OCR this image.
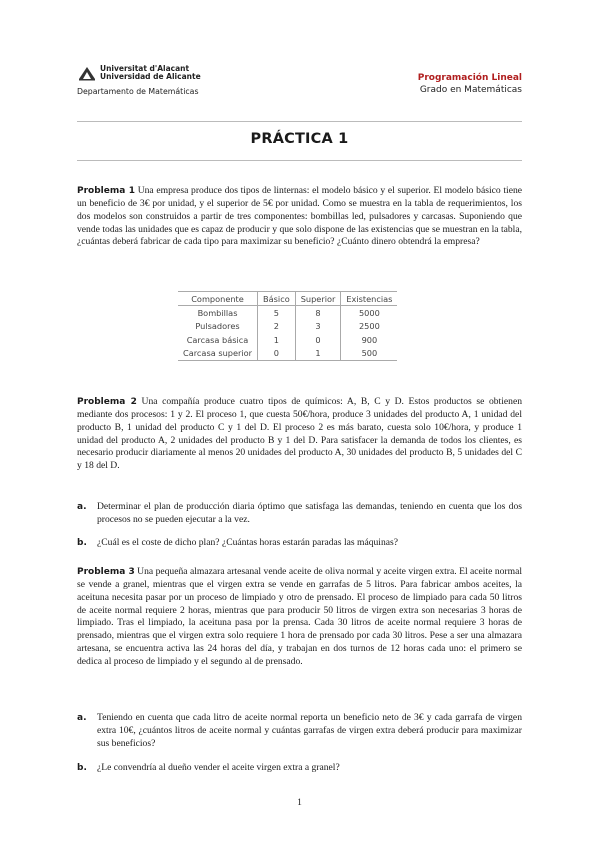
Universitat d'Alacant
Universidad de Alicante
Departamento de Matemáticas
Programación Lineal
Grado en Matemáticas
PRÁCTICA 1
Problema 1 Una empresa produce dos tipos de linternas: el modelo básico y el superior. El modelo básico tiene un beneficio de 3€ por unidad, y el superior de 5€ por unidad. Como se muestra en la tabla de requerimientos, los dos modelos son construidos a partir de tres componentes: bombillas led, pulsadores y carcasas. Suponiendo que vende todas las unidades que es capaz de producir y que solo dispone de las existencias que se muestran en la tabla, ¿cuántas deberá fabricar de cada tipo para maximizar su beneficio? ¿Cuánto dinero obtendrá la empresa?
Componente	Básico	Superior	Existencias
Bombillas	5	8	5000
Pulsadores	2	3	2500
Carcasa básica	1	0	900
Carcasa superior	0	1	500
Problema 2 Una compañía produce cuatro tipos de químicos: A, B, C y D. Estos productos se obtienen mediante dos procesos: 1 y 2. El proceso 1, que cuesta 50€/hora, produce 3 unidades del producto A, 1 unidad del producto B, 1 unidad del producto C y 1 del D. El proceso 2 es más barato, cuesta solo 10€/hora, y produce 1 unidad del producto A, 2 unidades del producto B y 1 del D. Para satisfacer la demanda de todos los clientes, es necesario producir diariamente al menos 20 unidades del producto A, 30 unidades del producto B, 5 unidades del C y 18 del D.
a. Determinar el plan de producción diaria óptimo que satisfaga las demandas, teniendo en cuenta que los dos procesos no se pueden ejecutar a la vez.
b. ¿Cuál es el coste de dicho plan? ¿Cuántas horas estarán paradas las máquinas?
Problema 3 Una pequeña almazara artesanal vende aceite de oliva normal y aceite virgen extra. El aceite normal se vende a granel, mientras que el virgen extra se vende en garrafas de 5 litros. Para fabricar ambos aceites, la aceituna necesita pasar por un proceso de limpiado y otro de prensado. El proceso de limpiado para cada 50 litros de aceite normal requiere 2 horas, mientras que para producir 50 litros de virgen extra son necesarias 3 horas de limpiado. Tras el limpiado, la aceituna pasa por la prensa. Cada 30 litros de aceite normal requiere 3 horas de prensado, mientras que el virgen extra solo requiere 1 hora de prensado por cada 30 litros. Pese a ser una almazara artesana, se encuentra activa las 24 horas del día, y trabajan en dos turnos de 12 horas cada uno: el primero se dedica al proceso de limpiado y el segundo al de prensado.
a. Teniendo en cuenta que cada litro de aceite normal reporta un beneficio neto de 3€ y cada garrafa de virgen extra 10€, ¿cuántos litros de aceite normal y cuántas garrafas de virgen extra deberá producir para maximizar sus beneficios?
b. ¿Le convendría al dueño vender el aceite virgen extra a granel?
1
